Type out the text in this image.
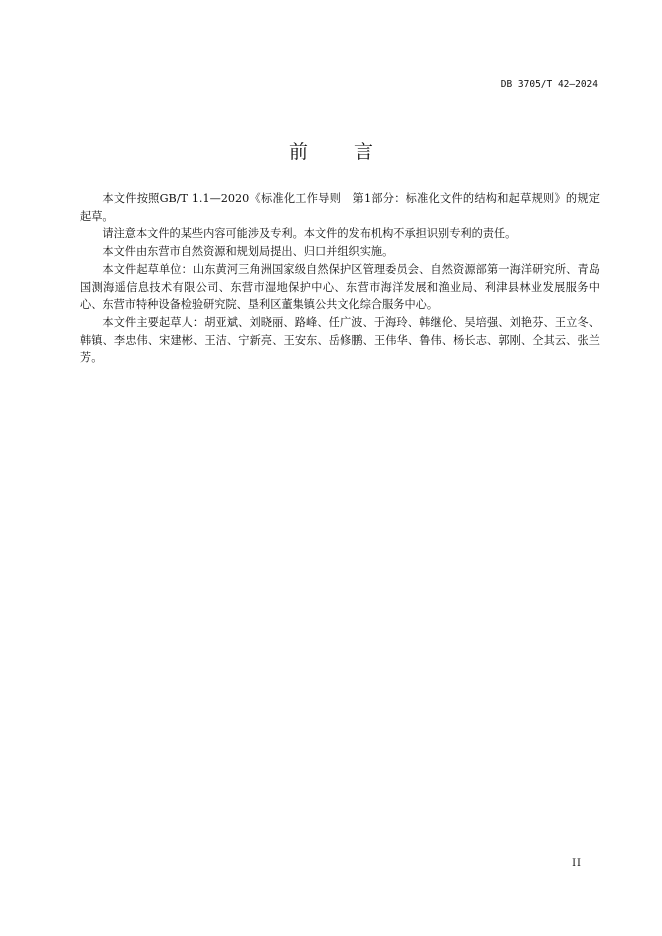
DB 3705/T 42—2024
前 言

本文件按照GB/T 1.1—2020《标准化工作导则　第1部分：标准化文件的结构和起草规则》的规定起草。

请注意本文件的某些内容可能涉及专利。本文件的发布机构不承担识别专利的责任。

本文件由东营市自然资源和规划局提出、归口并组织实施。

本文件起草单位：山东黄河三角洲国家级自然保护区管理委员会、自然资源部第一海洋研究所、青岛国测海遥信息技术有限公司、东营市湿地保护中心、东营市海洋发展和渔业局、利津县林业发展服务中心、东营市特种设备检验研究院、垦利区董集镇公共文化综合服务中心。

本文件主要起草人：胡亚斌、刘晓丽、路峰、任广波、于海玲、韩继伦、吴培强、刘艳芬、王立冬、韩镇、李忠伟、宋建彬、王洁、宁新亮、王安东、岳修鹏、王伟华、鲁伟、杨长志、郭刚、仝其云、张兰芳。

II
